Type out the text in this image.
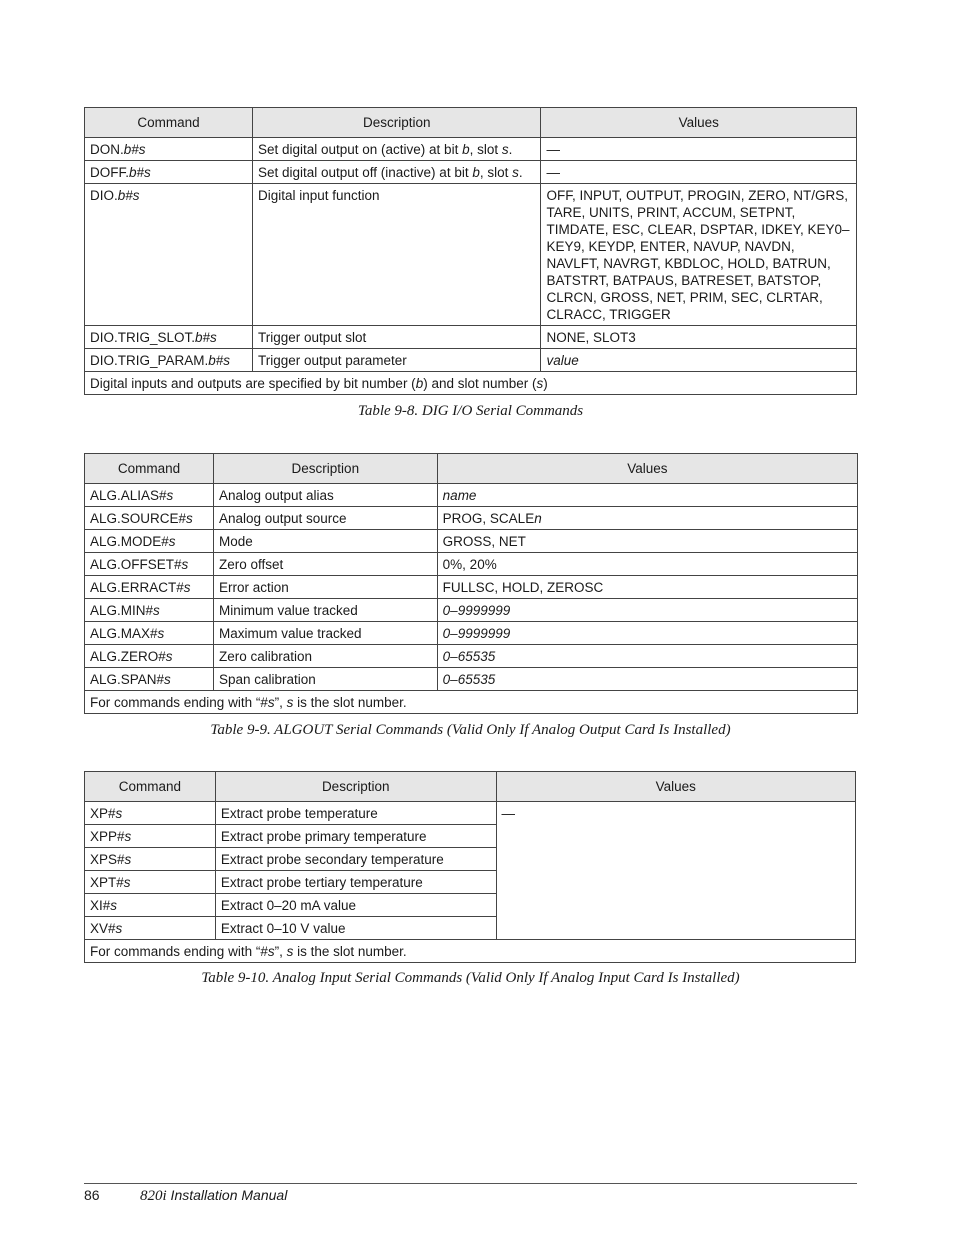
Command	Description	Values
DON.b#s	Set digital output on (active) at bit b, slot s.	—
DOFF.b#s	Set digital output off (inactive) at bit b, slot s.	—
DIO.b#s	Digital input function	OFF, INPUT, OUTPUT, PROGIN, ZERO, NT/GRS, TARE, UNITS, PRINT, ACCUM, SETPNT, TIMDATE, ESC, CLEAR, DSPTAR, IDKEY, KEY0–KEY9, KEYDP, ENTER, NAVUP, NAVDN, NAVLFT, NAVRGT, KBDLOC, HOLD, BATRUN, BATSTRT, BATPAUS, BATRESET, BATSTOP, CLRCN, GROSS, NET, PRIM, SEC, CLRTAR, CLRACC, TRIGGER
DIO.TRIG_SLOT.b#s	Trigger output slot	NONE, SLOT3
DIO.TRIG_PARAM.b#s	Trigger output parameter	value
Digital inputs and outputs are specified by bit number (b) and slot number (s)		
Table 9-8. DIG I/O Serial Commands
Command	Description	Values
ALG.ALIAS#s	Analog output alias	name
ALG.SOURCE#s	Analog output source	PROG, SCALEn
ALG.MODE#s	Mode	GROSS, NET
ALG.OFFSET#s	Zero offset	0%, 20%
ALG.ERRACT#s	Error action	FULLSC, HOLD, ZEROSC
ALG.MIN#s	Minimum value tracked	0–9999999
ALG.MAX#s	Maximum value tracked	0–9999999
ALG.ZERO#s	Zero calibration	0–65535
ALG.SPAN#s	Span calibration	0–65535
For commands ending with “#s”, s is the slot number.		
Table 9-9. ALGOUT Serial Commands (Valid Only If Analog Output Card Is Installed)
Command	Description	Values
XP#s	Extract probe temperature	—
XPP#s	Extract probe primary temperature	
XPS#s	Extract probe secondary temperature	
XPT#s	Extract probe tertiary temperature	
XI#s	Extract 0–20 mA value	
XV#s	Extract 0–10 V value	
For commands ending with “#s”, s is the slot number.		
Table 9-10. Analog Input Serial Commands (Valid Only If Analog Input Card Is Installed)
86	820i Installation Manual
